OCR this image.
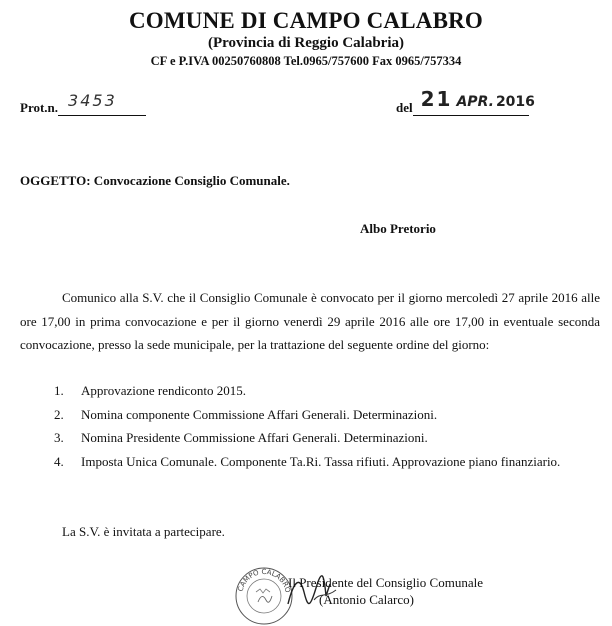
COMUNE DI CAMPO CALABRO
(Provincia di Reggio Calabria)
CF e P.IVA 00250760808 Tel.0965/757600 Fax 0965/757334
Prot.n. 3453	del 21 APR. 2016
OGGETTO: Convocazione Consiglio Comunale.
Albo Pretorio

Comunico alla S.V. che il Consiglio Comunale è convocato per il giorno mercoledì 27 aprile 2016 alle ore 17,00 in prima convocazione e per il giorno venerdì 29 aprile 2016 alle ore 17,00 in eventuale seconda convocazione, presso la sede municipale, per la trattazione del seguente ordine del giorno:

1. Approvazione rendiconto 2015.
2. Nomina componente Commissione Affari Generali. Determinazioni.
3. Nomina Presidente Commissione Affari Generali. Determinazioni.
4. Imposta Unica Comunale. Componente Ta.Ri. Tassa rifiuti. Approvazione piano finanziario.
La S.V. è invitata a partecipare.
CAMPO CALABRO
Il Presidente del Consiglio Comunale
(Antonio Calarco)
